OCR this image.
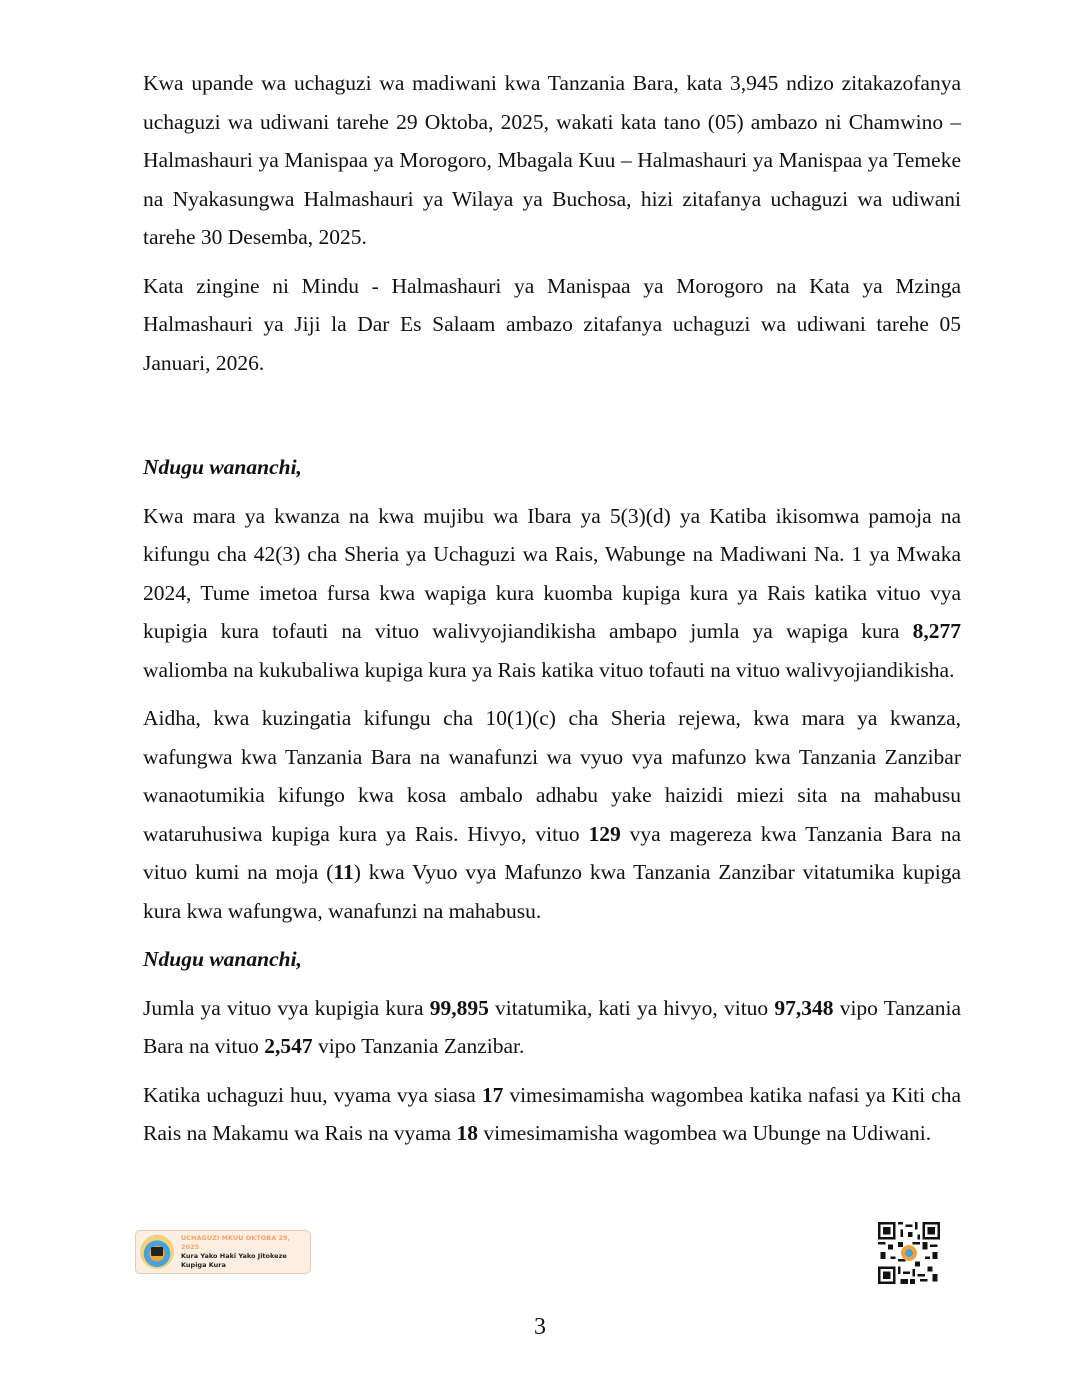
Kwa upande wa uchaguzi wa madiwani kwa Tanzania Bara, kata 3,945 ndizo zitakazofanya uchaguzi wa udiwani tarehe 29 Oktoba, 2025, wakati kata tano (05) ambazo ni Chamwino – Halmashauri ya Manispaa ya Morogoro, Mbagala Kuu – Halmashauri ya Manispaa ya Temeke na Nyakasungwa Halmashauri ya Wilaya ya Buchosa, hizi zitafanya uchaguzi wa udiwani tarehe 30 Desemba, 2025.

Kata zingine ni Mindu - Halmashauri ya Manispaa ya Morogoro na Kata ya Mzinga Halmashauri ya Jiji la Dar Es Salaam ambazo zitafanya uchaguzi wa udiwani tarehe 05 Januari, 2026.

Ndugu wananchi,

Kwa mara ya kwanza na kwa mujibu wa Ibara ya 5(3)(d) ya Katiba ikisomwa pamoja na kifungu cha 42(3) cha Sheria ya Uchaguzi wa Rais, Wabunge na Madiwani Na. 1 ya Mwaka 2024, Tume imetoa fursa kwa wapiga kura kuomba kupiga kura ya Rais katika vituo vya kupigia kura tofauti na vituo walivyojiandikisha ambapo jumla ya wapiga kura 8,277 waliomba na kukubaliwa kupiga kura ya Rais katika vituo tofauti na vituo walivyojiandikisha.

Aidha, kwa kuzingatia kifungu cha 10(1)(c) cha Sheria rejewa, kwa mara ya kwanza, wafungwa kwa Tanzania Bara na wanafunzi wa vyuo vya mafunzo kwa Tanzania Zanzibar wanaotumikia kifungo kwa kosa ambalo adhabu yake haizidi miezi sita na mahabusu wataruhusiwa kupiga kura ya Rais. Hivyo, vituo 129 vya magereza kwa Tanzania Bara na vituo kumi na moja (11) kwa Vyuo vya Mafunzo kwa Tanzania Zanzibar vitatumika kupiga kura kwa wafungwa, wanafunzi na mahabusu.

Ndugu wananchi,

Jumla ya vituo vya kupigia kura 99,895 vitatumika, kati ya hivyo, vituo 97,348 vipo Tanzania Bara na vituo 2,547 vipo Tanzania Zanzibar.

Katika uchaguzi huu, vyama vya siasa 17 vimesimamisha wagombea katika nafasi ya Kiti cha Rais na Makamu wa Rais na vyama 18 vimesimamisha wagombea wa Ubunge na Udiwani.

UCHAGUZI MKUU OKTOBA 29, 2025
Kura Yako Haki Yako Jitokeze
Kupiga Kura
3
